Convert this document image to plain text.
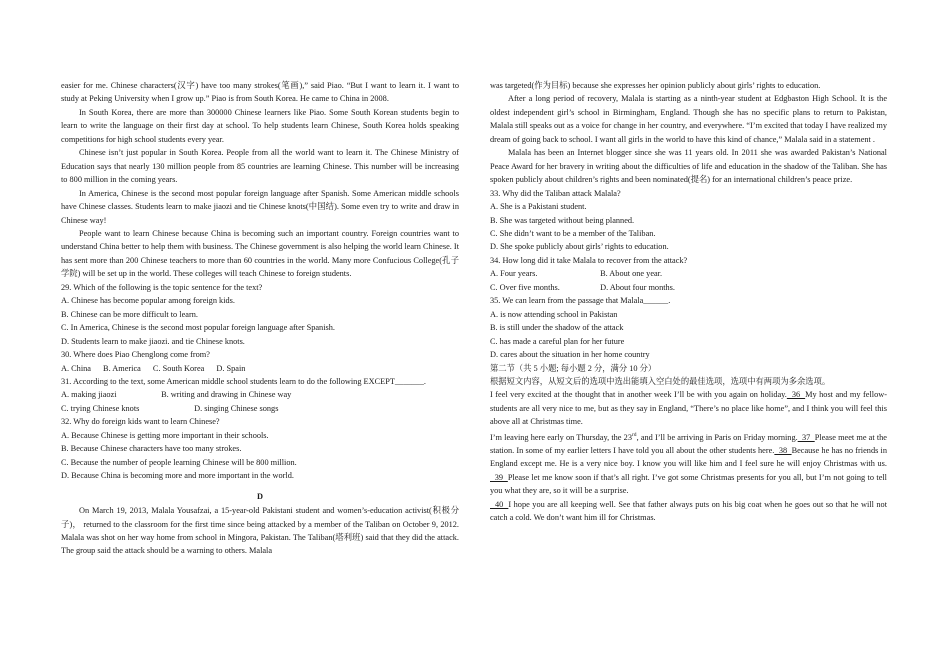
easier for me. Chinese characters(汉字) have too many strokes(笔画),” said Piao. “But I want to learn it. I want to study at Peking University when I grow up.” Piao is from South Korea. He came to China in 2008.

In South Korea, there are more than 300000 Chinese learners like Piao. Some South Korean students begin to learn to write the language on their first day at school. To help students learn Chinese, South Korea holds speaking competitions for high school students every year.

Chinese isn’t just popular in South Korea. People from all the world want to learn it. The Chinese Ministry of Education says that nearly 130 million people from 85 countries are learning Chinese. This number will be increasing to 800 million in the coming years.

In America, Chinese is the second most popular foreign language after Spanish. Some American middle schools have Chinese classes. Students learn to make jiaozi and tie Chinese knots(中国结). Some even try to write and draw in Chinese way!

People want to learn Chinese because China is becoming such an important country. Foreign countries want to understand China better to help them with business. The Chinese government is also helping the world learn Chinese. It has sent more than 200 Chinese teachers to more than 60 countries in the world. Many more Confucious College(孔子学院) will be set up in the world. These colleges will teach Chinese to foreign students.

29. Which of the following is the topic sentence for the text?

A. Chinese has become popular among foreign kids.

B. Chinese can be more difficult to learn.

C. In America, Chinese is the second most popular foreign language after Spanish.

D. Students learn to make jiaozi. and tie Chinese knots.

30. Where does Piao Chenglong come from?

A. China B. America C. South Korea D. Spain

31. According to the text, some American middle school students learn to do the following EXCEPT_______.

A. making jiaozi	B. writing and drawing in Chinese way

C. trying Chinese knots	D. singing Chinese songs

32. Why do foreign kids want to learn Chinese?

A. Because Chinese is getting more important in their schools.

B. Because Chinese characters have too many strokes.

C. Because the number of people learning Chinese will be 800 million.

D. Because China is becoming more and more important in the world.

D

On March 19, 2013, Malala Yousafzai, a 15-year-old Pakistani student and women’s-education activist(积极分子)， returned to the classroom for the first time since being attacked by a member of the Taliban on October 9, 2012. Malala was shot on her way home from school in Mingora, Pakistan. The Taliban(塔利班) said that they did the attack. The group said the attack should be a warning to others. Malala

was targeted(作为目标) because she expresses her opinion publicly about girls’ rights to education.

After a long period of recovery, Malala is starting as a ninth-year student at Edgbaston High School. It is the oldest independent girl’s school in Birmingham, England. Though she has no specific plans to return to Pakistan, Malala still speaks out as a voice for change in her country, and everywhere. “I’m excited that today I have realized my dream of going back to school. I want all girls in the world to have this kind of chance,” Malala said in a statement .

Malala has been an Internet blogger since she was 11 years old. In 2011 she was awarded Pakistan’s National Peace Award for her bravery in writing about the difficulties of life and education in the shadow of the Taliban. She has spoken publicly about children’s rights and been nominated(提名) for an international children’s peace prize.

33. Why did the Taliban attack Malala?

A. She is a Pakistani student.

B. She was targeted without being planned.

C. She didn’t want to be a member of the Taliban.

D. She spoke publicly about girls’ rights to education.

34. How long did it take Malala to recover from the attack?

A. Four years.	B. About one year.

C. Over five months.	D. About four months.

35. We can learn from the passage that Malala______.

A. is now attending school in Pakistan

B. is still under the shadow of the attack

C. has made a careful plan for her future

D. cares about the situation in her home country

第二节（共 5 小题; 每小题 2 分，满分 10 分）

根据短文内容，从短文后的选项中选出能填入空白处的最佳选项，选项中有两项为多余选项。

I feel very excited at the thought that in another week I’ll be with you again on holiday.  36  My host and my fellow-students are all very nice to me, but as they say in England, “There’s no place like home”, and I think you will feel this above all at Christmas time.

I’m leaving here early on Thursday, the 23rd, and I’ll be arriving in Paris on Friday morning.  37  Please meet me at the station. In some of my earlier letters I have told you all about the other students here.  38  Because he has no friends in England except me. He is a very nice boy. I know you will like him and I feel sure he will enjoy Christmas with us.  39  Please let me know soon if that’s all right. I’ve got some Christmas presents for you all, but I’m not going to tell you what they are, so it will be a surprise.

40  I hope you are all keeping well. See that father always puts on his big coat when he goes out so that he will not catch a cold. We don’t want him ill for Christmas.
